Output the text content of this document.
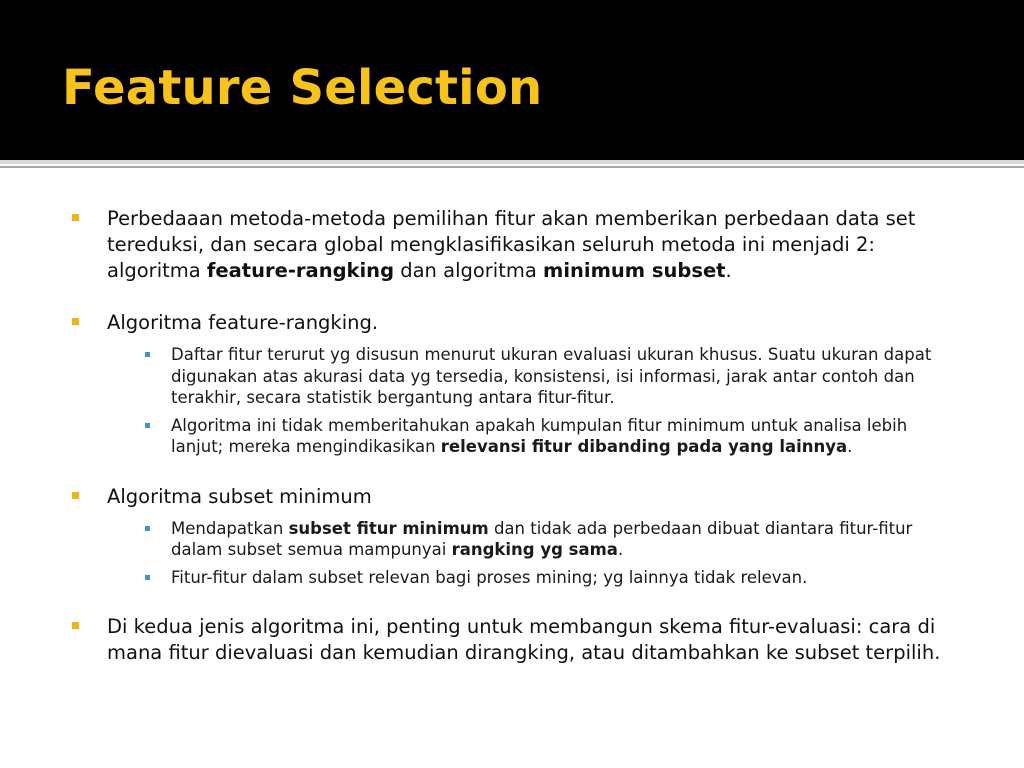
Feature Selection
Perbedaaan metoda-metoda pemilihan fitur akan memberikan perbedaan data set tereduksi, dan secara global mengklasifikasikan seluruh metoda ini menjadi 2: algoritma feature-rangking dan algoritma minimum subset.
Algoritma feature-rangking.
Daftar fitur terurut yg disusun menurut ukuran evaluasi ukuran khusus. Suatu ukuran dapat digunakan atas akurasi data yg tersedia, konsistensi, isi informasi, jarak antar contoh dan terakhir, secara statistik bergantung antara fitur-fitur.
Algoritma ini tidak memberitahukan apakah kumpulan fitur minimum untuk analisa lebih lanjut; mereka mengindikasikan relevansi fitur dibanding pada yang lainnya.
Algoritma subset minimum
Mendapatkan subset fitur minimum dan tidak ada perbedaan dibuat diantara fitur-fitur dalam subset semua mampunyai rangking yg sama.
Fitur-fitur dalam subset relevan bagi proses mining; yg lainnya tidak relevan.
Di kedua jenis algoritma ini, penting untuk membangun skema fitur-evaluasi: cara di mana fitur dievaluasi dan kemudian dirangking, atau ditambahkan ke subset terpilih.
